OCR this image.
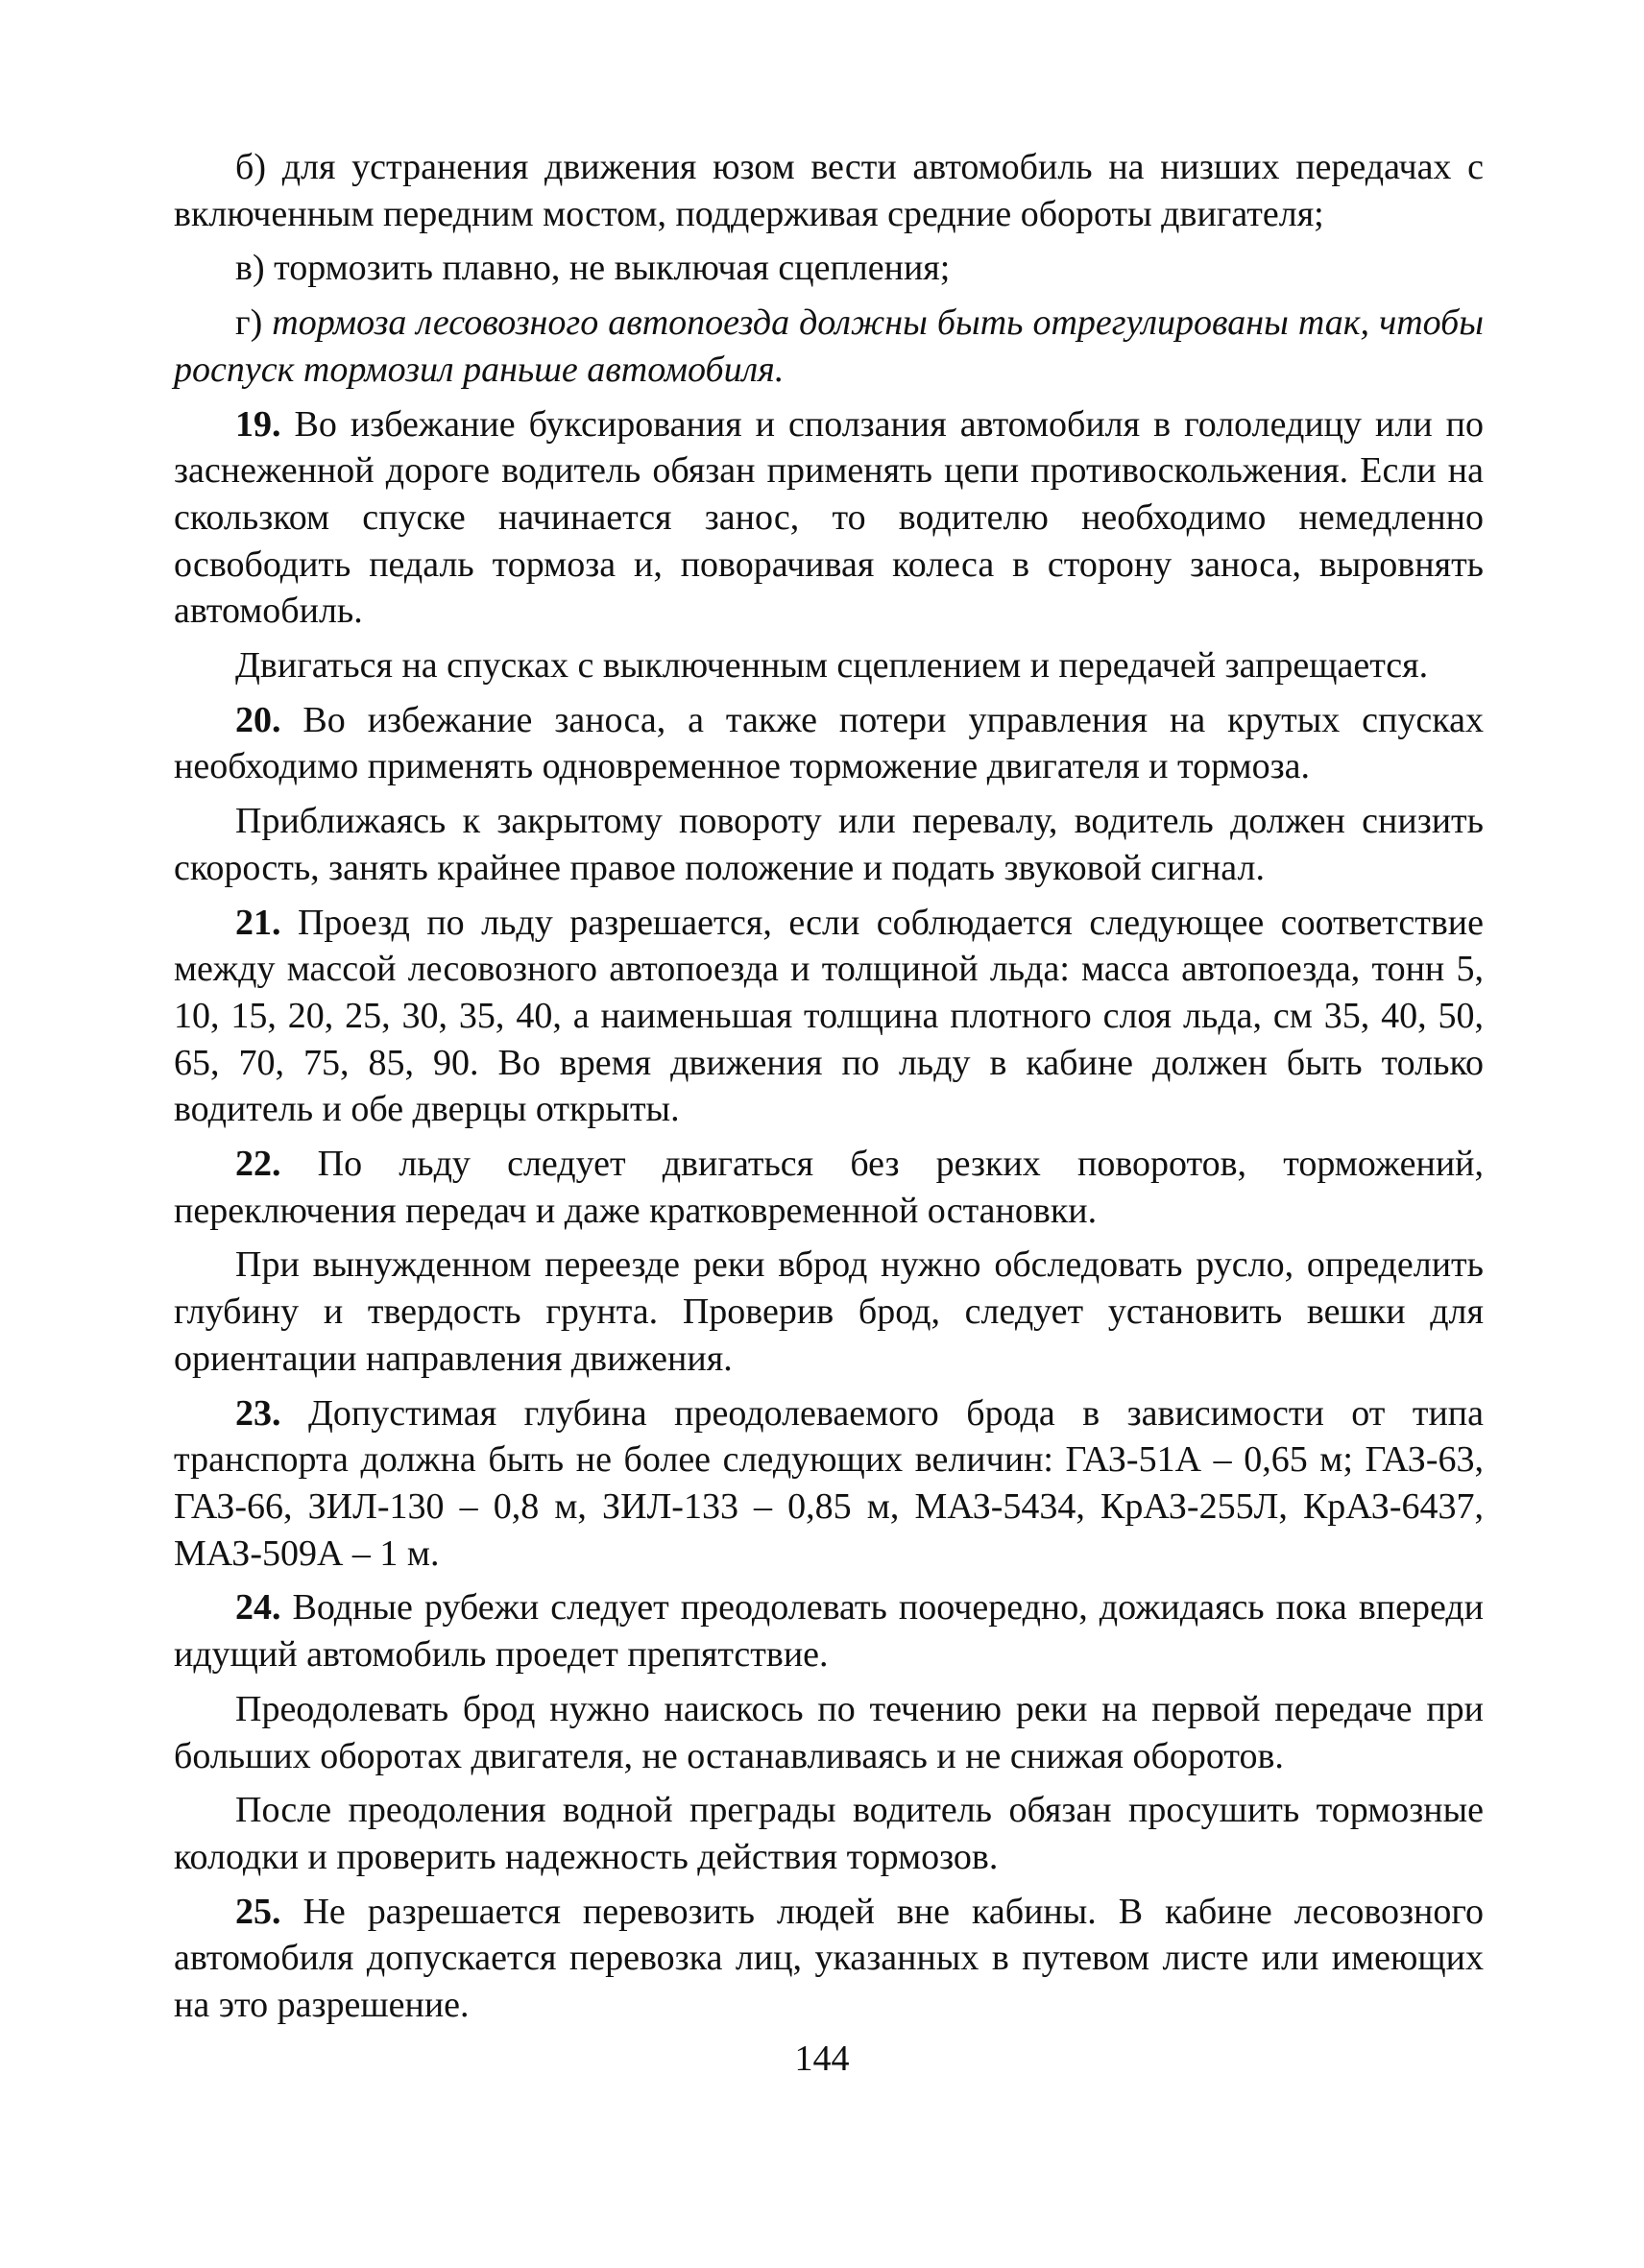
б) для устранения движения юзом вести автомобиль на низших передачах с включенным передним мостом, поддерживая средние обороты двигателя;

в) тормозить плавно, не выключая сцепления;

г) тормоза лесовозного автопоезда должны быть отрегулированы так, чтобы роспуск тормозил раньше автомобиля.

19. Во избежание буксирования и сползания автомобиля в гололедицу или по заснеженной дороге водитель обязан применять цепи противоскольжения. Если на скользком спуске начинается занос, то водителю необходимо немедленно освободить педаль тормоза и, поворачивая колеса в сторону заноса, выровнять автомобиль.

Двигаться на спусках с выключенным сцеплением и передачей запрещается.

20. Во избежание заноса, а также потери управления на крутых спусках необходимо применять одновременное торможение двигателя и тормоза.

Приближаясь к закрытому повороту или перевалу, водитель должен снизить скорость, занять крайнее правое положение и подать звуковой сигнал.

21. Проезд по льду разрешается, если соблюдается следующее соответствие между массой лесовозного автопоезда и толщиной льда: масса автопоезда, тонн 5, 10, 15, 20, 25, 30, 35, 40, а наименьшая толщина плотного слоя льда, см 35, 40, 50, 65, 70, 75, 85, 90. Во время движения по льду в кабине должен быть только водитель и обе дверцы открыты.

22. По льду следует двигаться без резких поворотов, торможений, переключения передач и даже кратковременной остановки.

При вынужденном переезде реки вброд нужно обследовать русло, определить глубину и твердость грунта. Проверив брод, следует установить вешки для ориентации направления движения.

23. Допустимая глубина преодолеваемого брода в зависимости от типа транспорта должна быть не более следующих величин: ГАЗ-51А – 0,65 м; ГАЗ-63, ГАЗ-66, ЗИЛ-130 – 0,8 м, ЗИЛ-133 – 0,85 м, МАЗ-5434, КрАЗ-255Л, КрАЗ-6437, МАЗ-509А – 1 м.

24. Водные рубежи следует преодолевать поочередно, дожидаясь пока впереди идущий автомобиль проедет препятствие.

Преодолевать брод нужно наискось по течению реки на первой передаче при больших оборотах двигателя, не останавливаясь и не снижая оборотов.

После преодоления водной преграды водитель обязан просушить тормозные колодки и проверить надежность действия тормозов.

25. Не разрешается перевозить людей вне кабины. В кабине лесовозного автомобиля допускается перевозка лиц, указанных в путевом листе или имеющих на это разрешение.

144
